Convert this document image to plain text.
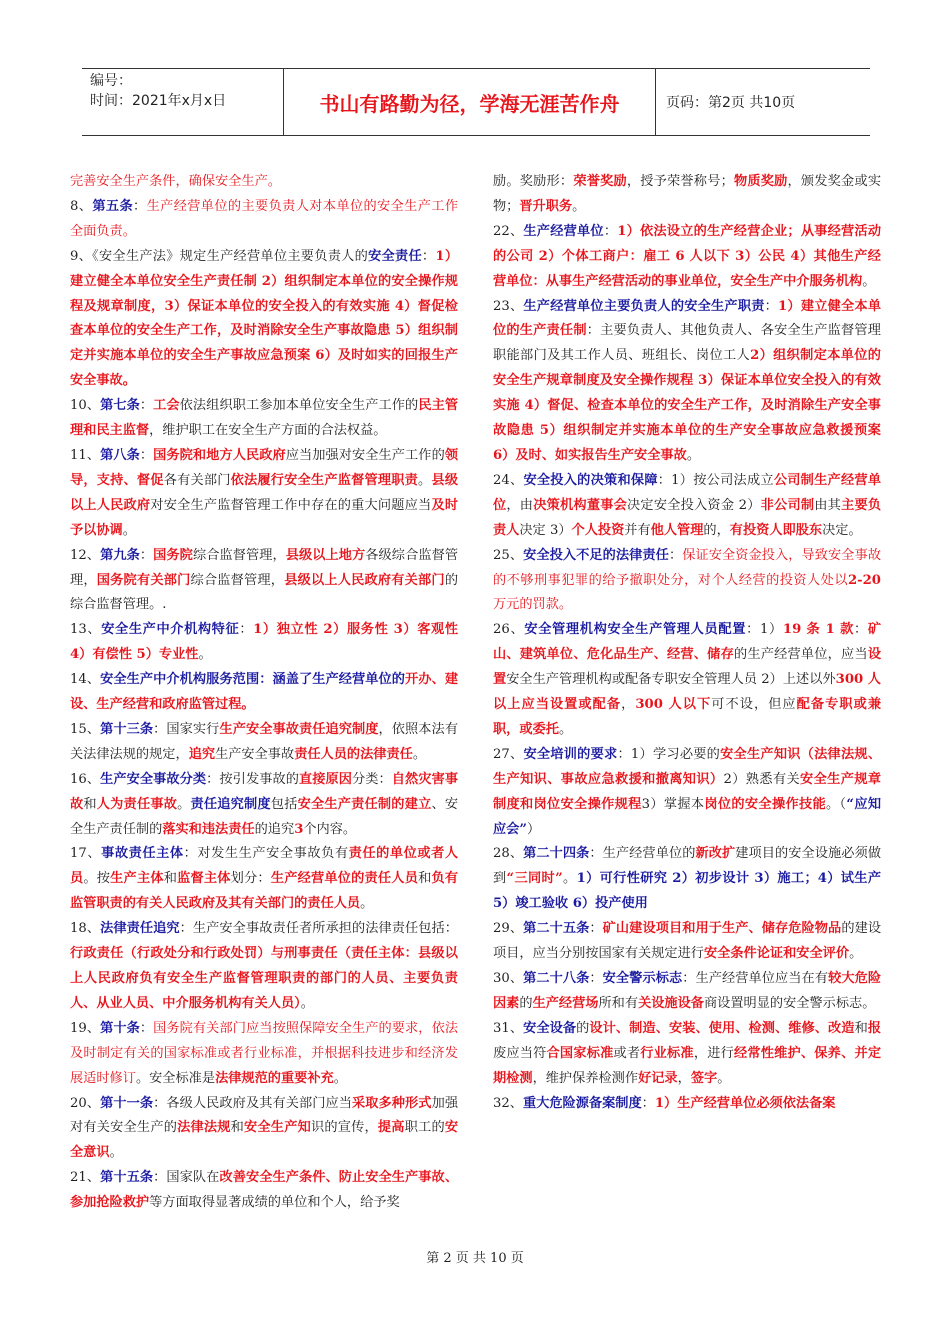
编号：
时间：2021年x月x日	书山有路勤为径，学海无涯苦作舟	页码：第2页 共10页

完善安全生产条件，确保安全生产。

8、第五条：生产经营单位的主要负责人对本单位的安全生产工作全面负责。

9、《安全生产法》规定生产经营单位主要负责人的安全责任：1）建立健全本单位安全生产责任制 2）组织制定本单位的安全操作规程及规章制度，3）保证本单位的安全投入的有效实施 4）督促检查本单位的安全生产工作，及时消除安全生产事故隐患 5）组织制定并实施本单位的安全生产事故应急预案 6）及时如实的回报生产安全事故。

10、第七条：工会依法组织职工参加本单位安全生产工作的民主管理和民主监督，维护职工在安全生产方面的合法权益。

11、第八条：国务院和地方人民政府应当加强对安全生产工作的领导，支持、督促各有关部门依法履行安全生产监督管理职责。县级以上人民政府对安全生产监督管理工作中存在的重大问题应当及时予以协调。

12、第九条：国务院综合监督管理，县级以上地方各级综合监督管理，国务院有关部门综合监督管理，县级以上人民政府有关部门的综合监督管理。.

13、安全生产中介机构特征：1）独立性 2）服务性 3）客观性 4）有偿性 5）专业性。

14、安全生产中介机构服务范围：涵盖了生产经营单位的开办、建设、生产经营和政府监管过程。

15、第十三条：国家实行生产安全事故责任追究制度，依照本法有关法律法规的规定，追究生产安全事故责任人员的法律责任。

16、生产安全事故分类：按引发事故的直接原因分类：自然灾害事故和人为责任事故。责任追究制度包括安全生产责任制的建立、安全生产责任制的落实和违法责任的追究3个内容。

17、事故责任主体：对发生生产安全事故负有责任的单位或者人员。按生产主体和监督主体划分：生产经营单位的责任人员和负有监管职责的有关人民政府及其有关部门的责任人员。

18、法律责任追究：生产安全事故责任者所承担的法律责任包括：行政责任（行政处分和行政处罚）与刑事责任（责任主体：县级以上人民政府负有安全生产监督管理职责的部门的人员、主要负责人、从业人员、中介服务机构有关人员）。

19、第十条：国务院有关部门应当按照保障安全生产的要求，依法及时制定有关的国家标准或者行业标准，并根据科技进步和经济发展适时修订。安全标准是法律规范的重要补充。

20、第十一条：各级人民政府及其有关部门应当采取多种形式加强对有关安全生产的法律法规和安全生产知识的宣传，提高职工的安全意识。

21、第十五条：国家队在改善安全生产条件、防止安全生产事故、参加抢险救护等方面取得显著成绩的单位和个人，给予奖

励。奖励形：荣誉奖励，授予荣誉称号；物质奖励，颁发奖金或实物；晋升职务。

22、生产经营单位：1）依法设立的生产经营企业；从事经营活动的公司 2）个体工商户：雇工 6 人以下 3）公民 4）其他生产经营单位：从事生产经营活动的事业单位，安全生产中介服务机构。

23、生产经营单位主要负责人的安全生产职责：1）建立健全本单位的生产责任制：主要负责人、其他负责人、各安全生产监督管理职能部门及其工作人员、班组长、岗位工人2）组织制定本单位的安全生产规章制度及安全操作规程 3）保证本单位安全投入的有效实施 4）督促、检查本单位的安全生产工作，及时消除生产安全事故隐患 5）组织制定并实施本单位的生产安全事故应急救援预案 6）及时、如实报告生产安全事故。

24、安全投入的决策和保障：1）按公司法成立公司制生产经营单位，由决策机构董事会决定安全投入资金 2）非公司制由其主要负责人决定 3）个人投资并有他人管理的，有投资人即股东决定。

25、安全投入不足的法律责任：保证安全资金投入，导致安全事故的不够刑事犯罪的给予撤职处分，对个人经营的投资人处以2-20万元的罚款。

26、安全管理机构安全生产管理人员配置：1）19 条 1 款：矿山、建筑单位、危化品生产、经营、储存的生产经营单位，应当设置安全生产管理机构或配备专职安全管理人员 2）上述以外300 人以上应当设置或配备，300 人以下可不设，但应配备专职或兼职，或委托。

27、安全培训的要求：1）学习必要的安全生产知识（法律法规、生产知识、事故应急救援和撤离知识）2）熟悉有关安全生产规章制度和岗位安全操作规程3）掌握本岗位的安全操作技能。（“应知应会”）

28、第二十四条：生产经营单位的新改扩建项目的安全设施必须做到“三同时”。1）可行性研究 2）初步设计 3）施工；4）试生产 5）竣工验收 6）投产使用

29、第二十五条：矿山建设项目和用于生产、储存危险物品的建设项目，应当分别按国家有关规定进行安全条件论证和安全评价。

30、第二十八条：安全警示标志：生产经营单位应当在有较大危险因素的生产经营场所和有关设施设备商设置明显的安全警示标志。

31、安全设备的设计、制造、安装、使用、检测、维修、改造和报废应当符合国家标准或者行业标准，进行经常性维护、保养、并定期检测，维护保养检测作好记录，签字。

32、重大危险源备案制度：1）生产经营单位必须依法备案

第 2 页 共 10 页
